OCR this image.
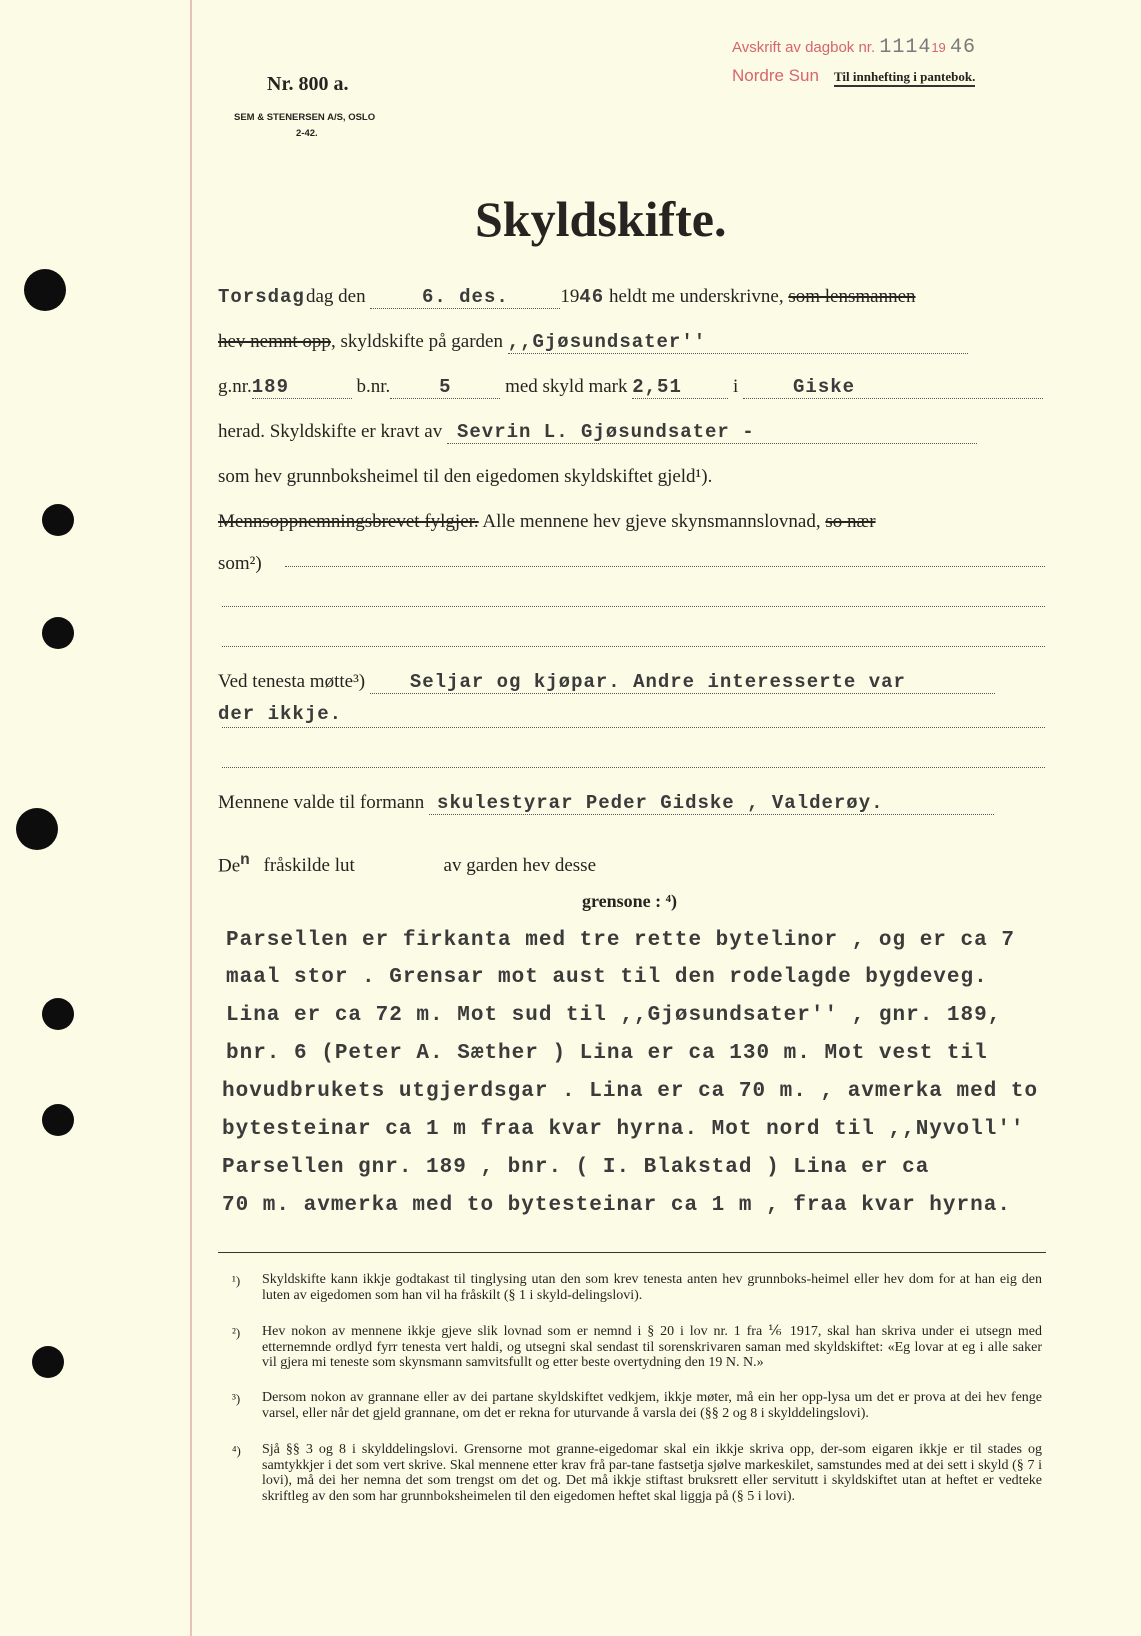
Avskrift av dagbok nr. 111419 46
Nordre Sun Til innhefting i pantebok.
Nr. 800 a.
SEM & STENERSEN A/S, OSLO
2-42.
Skyldskifte.
Torsdagdag den	6. des.	1946 heldt me underskrivne, som lensmannen
hev nemnt opp, skyldskifte på garden ,,Gjøsundsater''
g.nr.189	b.nr.	5	med skyld mark 2,51	i	Giske
herad. Skyldskifte er kravt av Sevrin L. Gjøsundsater -
som hev grunnboksheimel til den eigedomen skyldskiftet gjeld¹).
Mennsoppnemningsbrevet fylgjer. Alle mennene hev gjeve skynsmannslovnad, so nær
som²)
Ved tenesta møtte³) Seljar og kjøpar. Andre interesserte var
der ikkje.
Mennene valde til formann skulestyrar Peder Gidske , Valderøy.
De$^n$ fråskilde lut	av garden hev desse
grensone : ⁴)
Parsellen er firkanta med tre rette bytelinor , og er ca 7
maal stor . Grensar mot aust til den rodelagde bygdeveg.
Lina er ca 72 m. Mot sud til ,,Gjøsundsater'' , gnr. 189,
bnr. 6 (Peter A. Sæther ) Lina er ca 130 m. Mot vest til
hovudbrukets utgjerdsgar . Lina er ca 70 m. , avmerka med to
bytesteinar ca 1 m fraa kvar hyrna. Mot nord til ,,Nyvoll''
Parsellen gnr. 189 , bnr. ( I. Blakstad ) Lina er ca
70 m. avmerka med to bytesteinar ca 1 m , fraa kvar hyrna.
¹) Skyldskifte kann ikkje godtakast til tinglysing utan den som krev tenesta anten hev grunnboks-heimel eller hev dom for at han eig den luten av eigedomen som han vil ha fråskilt (§ 1 i skyld-delingslovi).
²) Hev nokon av mennene ikkje gjeve slik lovnad som er nemnd i § 20 i lov nr. 1 fra ⅙ 1917, skal han skriva under ei utsegn med etternemnde ordlyd fyrr tenesta vert haldi, og utsegni skal sendast til sorenskrivaren saman med skyldskiftet: «Eg lovar at eg i alle saker vil gjera mi teneste som skynsmann samvitsfullt og etter beste overtydning den 19 N. N.»
³) Dersom nokon av grannane eller av dei partane skyldskiftet vedkjem, ikkje møter, må ein her opp-lysa um det er prova at dei hev fenge varsel, eller når det gjeld grannane, om det er rekna for uturvande å varsla dei (§§ 2 og 8 i skylddelingslovi).
⁴) Sjå §§ 3 og 8 i skylddelingslovi. Grensorne mot granne-eigedomar skal ein ikkje skriva opp, der-som eigaren ikkje er til stades og samtykkjer i det som vert skrive. Skal mennene etter krav frå par-tane fastsetja sjølve markeskilet, samstundes med at dei sett i skyld (§ 7 i lovi), må dei her nemna det som trengst om det og. Det må ikkje stiftast bruksrett eller servitutt i skyldskiftet utan at heftet er vedteke skriftleg av den som har grunnboksheimelen til den eigedomen heftet skal liggja på (§ 5 i lovi).
